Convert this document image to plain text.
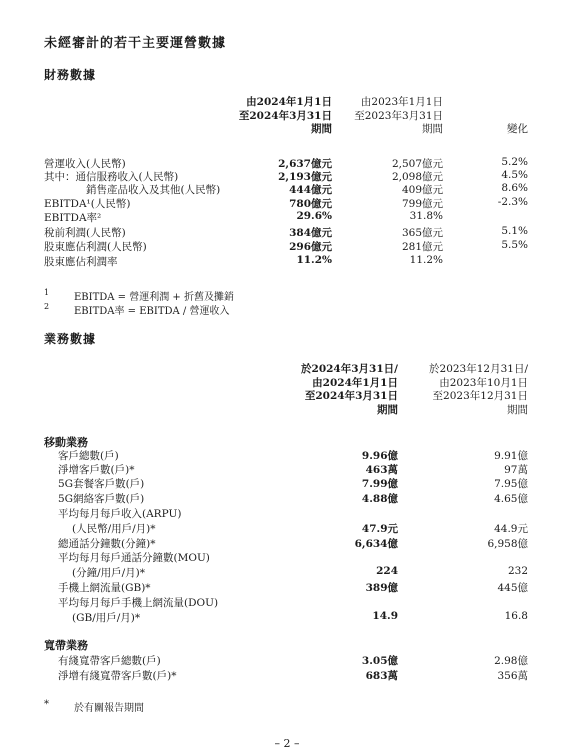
未經審計的若干主要運營數據
財務數據
由2024年1月1日
至2024年3月31日
期間
由2023年1月1日
至2023年3月31日
期間	變化
營運收入(人民幣)	2,637億元	2,507億元	5.2%
其中：通信服務收入(人民幣)	2,193億元	2,098億元	4.5%
銷售產品收入及其他(人民幣)	444億元	409億元	8.6%
EBITDA¹(人民幣)	780億元	799億元	-2.3%
EBITDA率²	29.6%	31.8%
稅前利潤(人民幣)	384億元	365億元	5.1%
股東應佔利潤(人民幣)	296億元	281億元	5.5%
股東應佔利潤率	11.2%	11.2%
1 EBITDA = 營運利潤 + 折舊及攤銷
2 EBITDA率 = EBITDA / 營運收入
業務數據
於2024年3月31日/
由2024年1月1日
至2024年3月31日
期間
於2023年12月31日/
由2023年10月1日
至2023年12月31日
期間
移動業務
客戶總數(戶)	9.96億	9.91億
淨增客戶數(戶)*	463萬	97萬
5G套餐客戶數(戶)	7.99億	7.95億
5G網絡客戶數(戶)	4.88億	4.65億
平均每月每戶收入(ARPU)
(人民幣/用戶/月)*	47.9元	44.9元
總通話分鐘數(分鐘)*	6,634億	6,958億
平均每月每戶通話分鐘數(MOU)
(分鐘/用戶/月)*	224	232
手機上網流量(GB)*	389億	445億
平均每月每戶手機上網流量(DOU)
(GB/用戶/月)*	14.9	16.8
寬帶業務
有綫寬帶客戶總數(戶)	3.05億	2.98億
淨增有綫寬帶客戶數(戶)*	683萬	356萬
*	於有關報告期間
– 2 –
